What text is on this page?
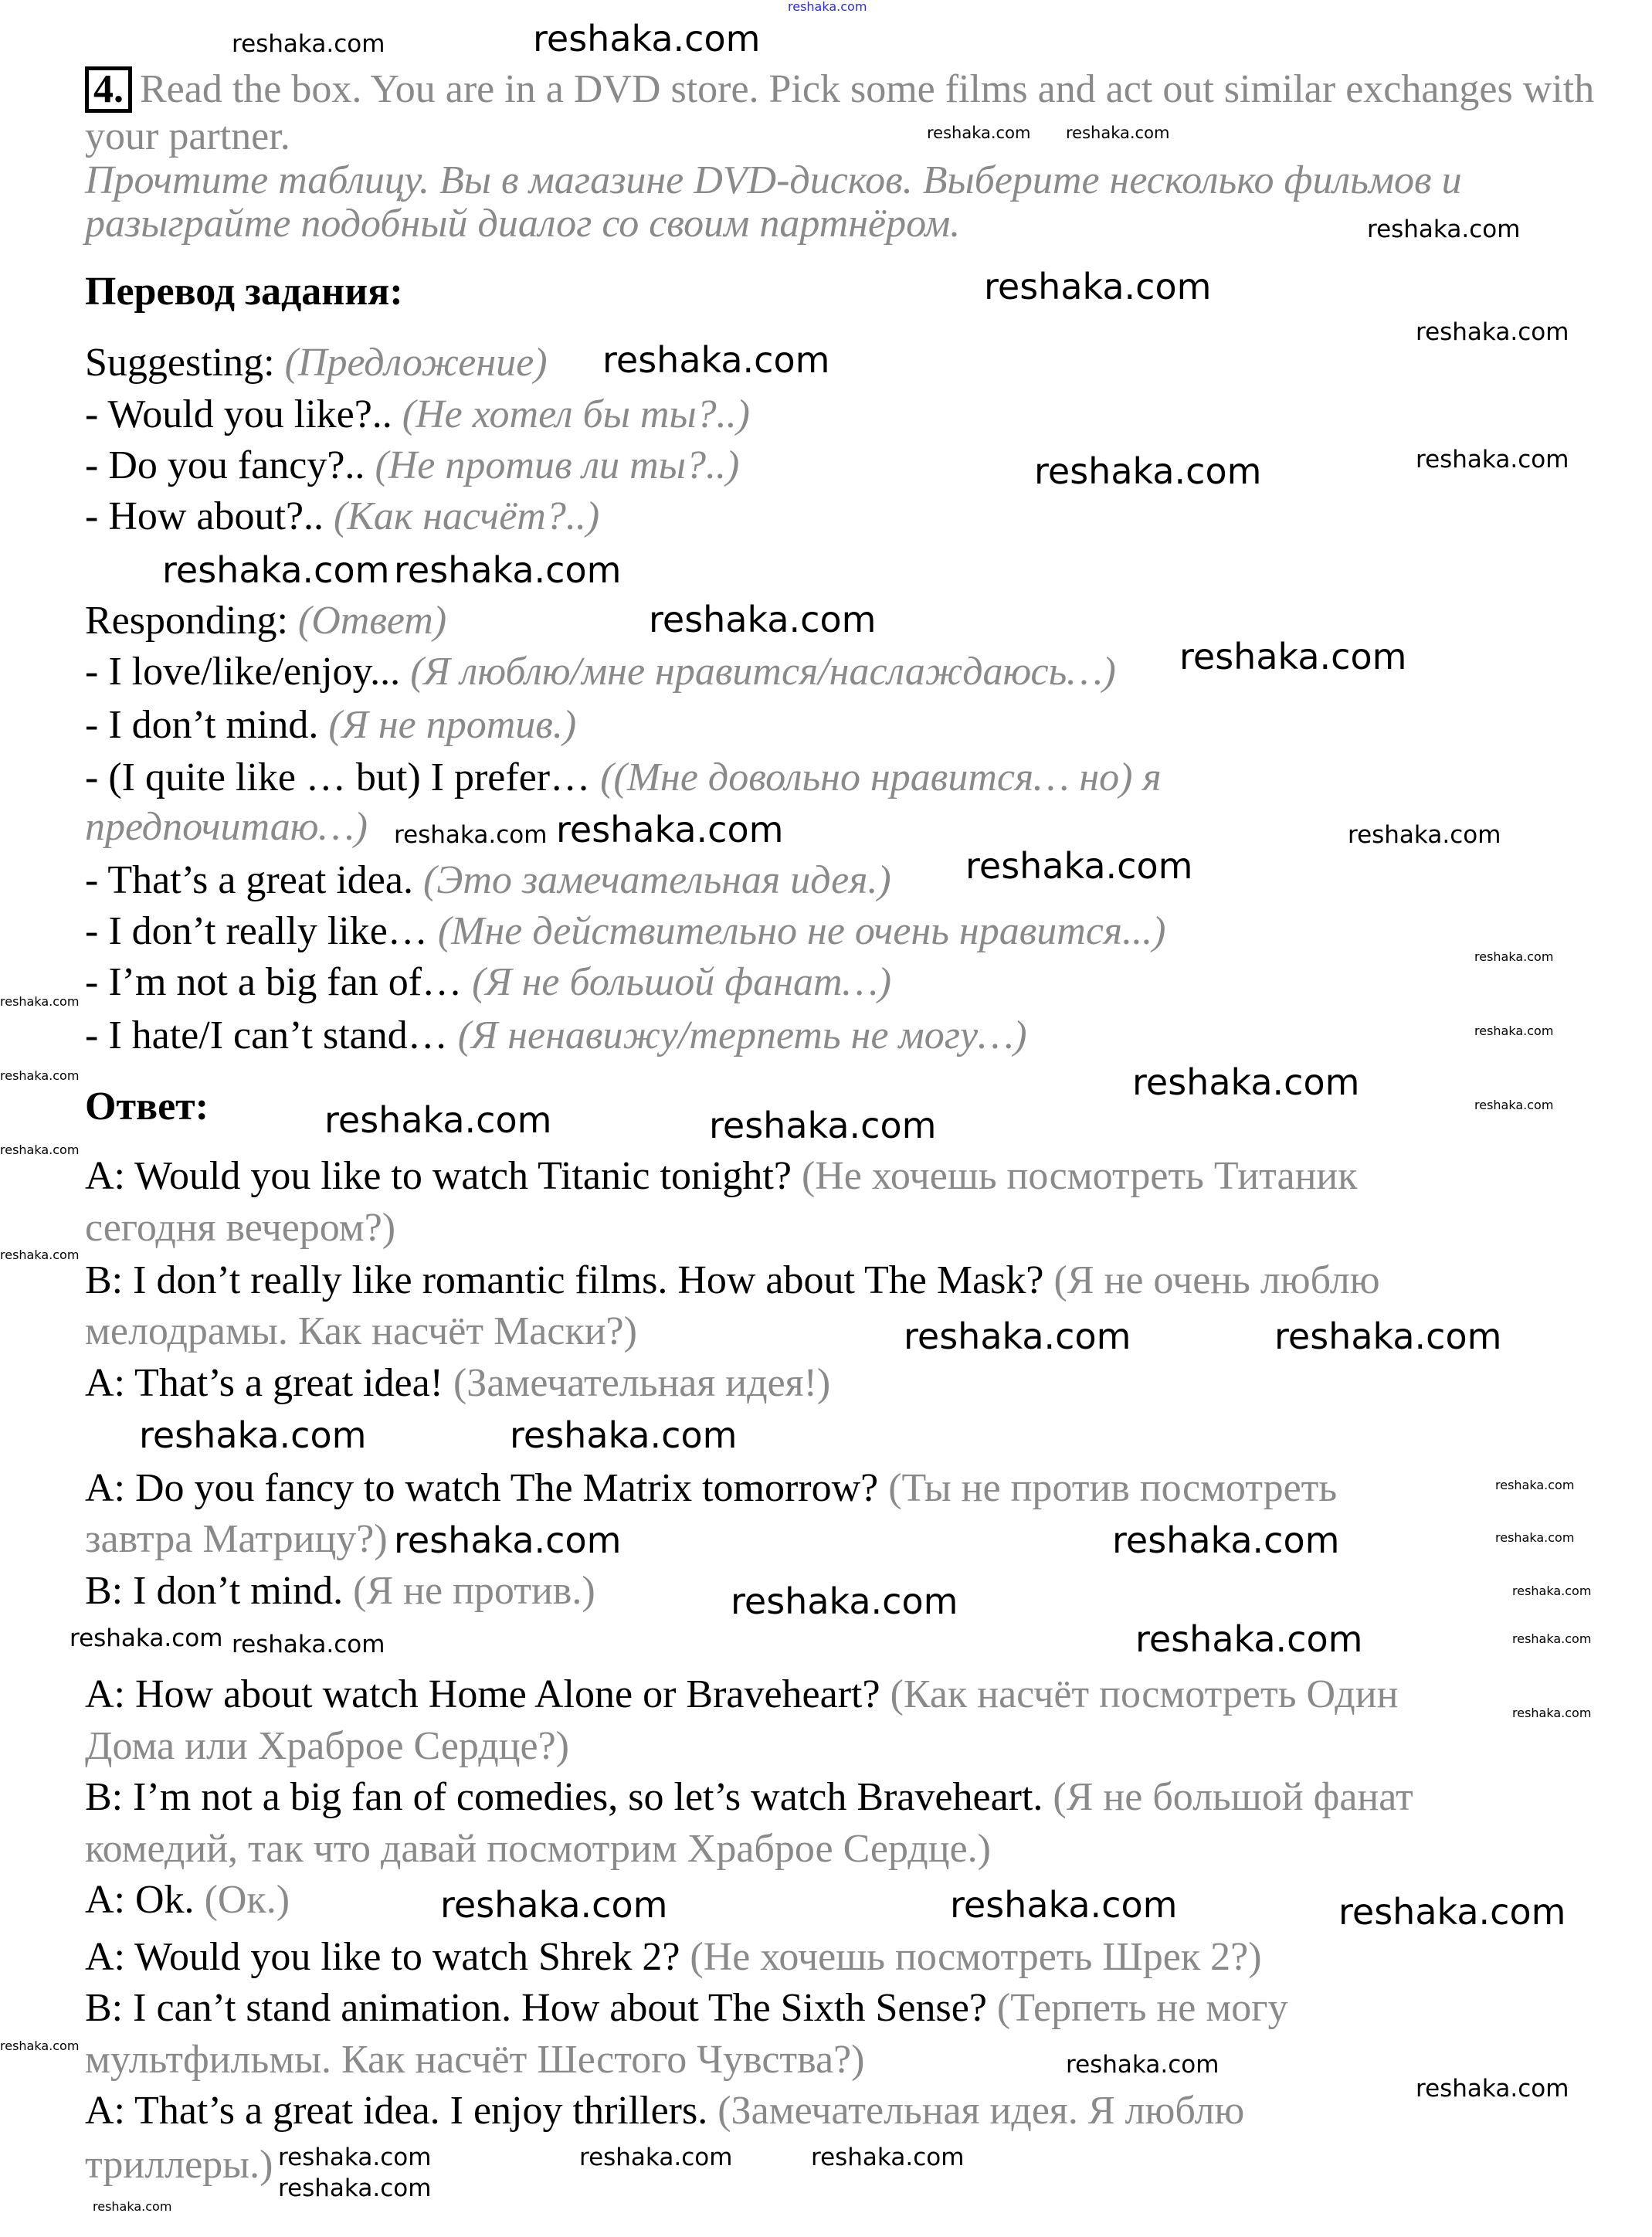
4. Read the box. You are in a DVD store. Pick some films and act out similar exchanges with
your partner.
Прочтите таблицу. Вы в магазине DVD-дисков. Выберите несколько фильмов и
разыграйте подобный диалог со своим партнёром.
Перевод задания:
Suggesting: (Предложение)
- Would you like?.. (Не хотел бы ты?..)
- Do you fancy?.. (Не против ли ты?..)
- How about?.. (Как насчёт?..)
Responding: (Ответ)
- I love/like/enjoy... (Я люблю/мне нравится/наслаждаюсь…)
- I don’t mind. (Я не против.)
- (I quite like … but) I prefer… ((Мне довольно нравится… но) я
предпочитаю…)
- That’s a great idea. (Это замечательная идея.)
- I don’t really like… (Мне действительно не очень нравится...)
- I’m not a big fan of… (Я не большой фанат…)
- I hate/I can’t stand… (Я ненавижу/терпеть не могу…)
Ответ:
A: Would you like to watch Titanic tonight? (Не хочешь посмотреть Титаник
сегодня вечером?)
B: I don’t really like romantic films. How about The Mask? (Я не очень люблю
мелодрамы. Как насчёт Маски?)
A: That’s a great idea! (Замечательная идея!)
A: Do you fancy to watch The Matrix tomorrow? (Ты не против посмотреть
завтра Матрицу?)
B: I don’t mind. (Я не против.)
A: How about watch Home Alone or Braveheart? (Как насчёт посмотреть Один
Дома или Храброе Сердце?)
B: I’m not a big fan of comedies, so let’s watch Braveheart. (Я не большой фанат
комедий, так что давай посмотрим Храброе Сердце.)
A: Ok. (Ок.)
A: Would you like to watch Shrek 2? (Не хочешь посмотреть Шрек 2?)
B: I can’t stand animation. How about The Sixth Sense? (Терпеть не могу
мультфильмы. Как насчёт Шестого Чувства?)
A: That’s a great idea. I enjoy thrillers. (Замечательная идея. Я люблю
триллеры.)
reshaka.com
reshaka.com
reshaka.com reshaka.com
reshaka.com
reshaka.com
reshaka.com
reshaka.com
reshaka.com
reshaka.com
reshaka.com	reshaka.com
reshaka.com
reshaka.com
reshaka.com
reshaka.com
reshaka.com reshaka.com
reshaka.com
reshaka.com
reshaka.com
reshaka.com
reshaka.com	reshaka.com
reshaka.com
reshaka.com
reshaka.com	reshaka.com
reshaka.com
reshaka.com	reshaka.com
reshaka.com
reshaka.com
reshaka.com
reshaka.com	reshaka.com
reshaka.com
reshaka.com
reshaka.com
reshaka.com
reshaka.com
reshaka.com	reshaka.com
reshaka.com
reshaka.com	reshaka.com	reshaka.com
reshaka.com
reshaka.com
reshaka.com
reshaka.com
reshaka.com
reshaka.com
reshaka.com
reshaka.com
